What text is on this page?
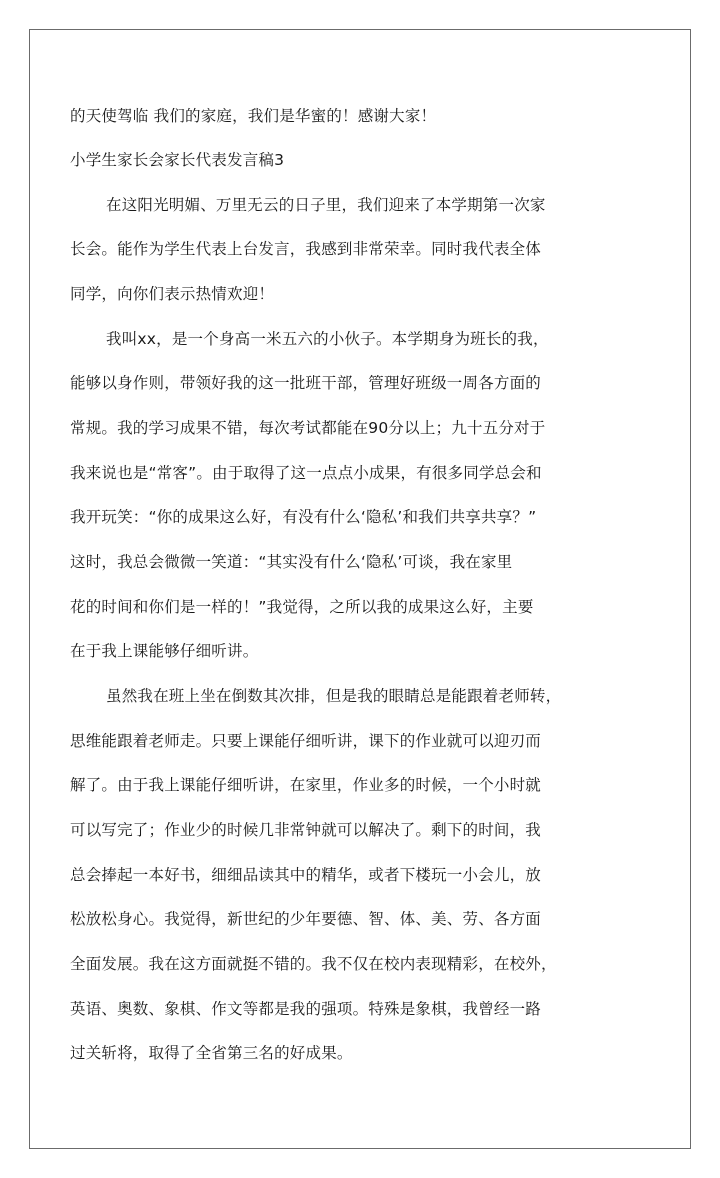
的天使驾临 我们的家庭，我们是华蜜的！感谢大家！
小学生家长会家长代表发言稿3
在这阳光明媚、万里无云的日子里，我们迎来了本学期第一次家
长会。能作为学生代表上台发言，我感到非常荣幸。同时我代表全体
同学，向你们表示热情欢迎！
我叫xx，是一个身高一米五六的小伙子。本学期身为班长的我，
能够以身作则，带领好我的这一批班干部，管理好班级一周各方面的
常规。我的学习成果不错，每次考试都能在90分以上；九十五分对于
我来说也是“常客”。由于取得了这一点点小成果，有很多同学总会和
我开玩笑：“你的成果这么好，有没有什么‘隐私’和我们共享共享？”
这时，我总会微微一笑道：“其实没有什么‘隐私’可谈，我在家里
花的时间和你们是一样的！”我觉得，之所以我的成果这么好，主要
在于我上课能够仔细听讲。
虽然我在班上坐在倒数其次排，但是我的眼睛总是能跟着老师转，
思维能跟着老师走。只要上课能仔细听讲，课下的作业就可以迎刃而
解了。由于我上课能仔细听讲，在家里，作业多的时候，一个小时就
可以写完了；作业少的时候几非常钟就可以解决了。剩下的时间，我
总会捧起一本好书，细细品读其中的精华，或者下楼玩一小会儿，放
松放松身心。我觉得，新世纪的少年要德、智、体、美、劳、各方面
全面发展。我在这方面就挺不错的。我不仅在校内表现精彩，在校外，
英语、奥数、象棋、作文等都是我的强项。特殊是象棋，我曾经一路
过关斩将，取得了全省第三名的好成果。
